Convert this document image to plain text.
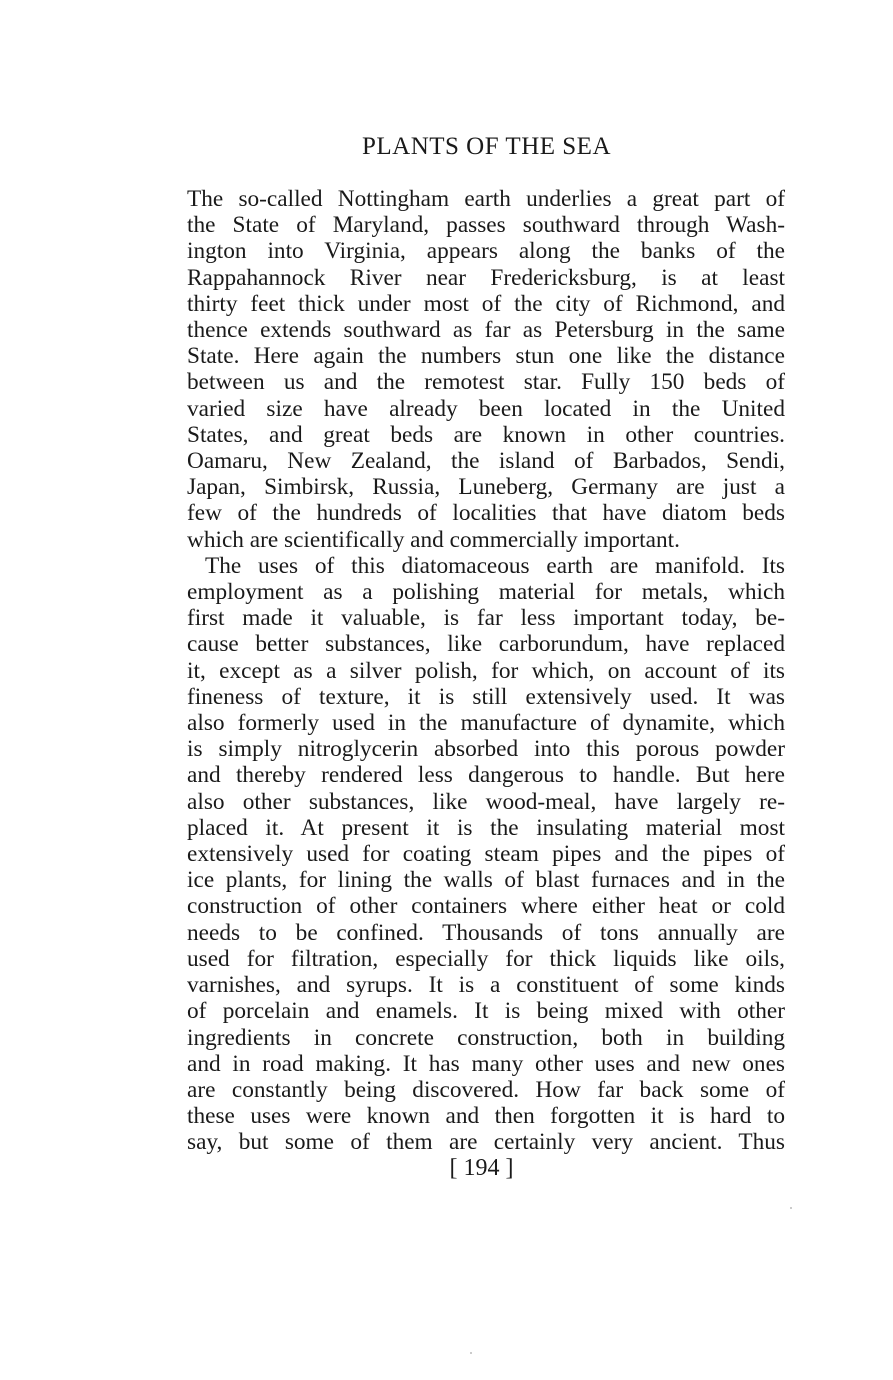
PLANTS OF THE SEA
The so-called Nottingham earth underlies a great part of
the State of Maryland, passes southward through Wash-
ington into Virginia, appears along the banks of the
Rappahannock River near Fredericksburg, is at least
thirty feet thick under most of the city of Richmond, and
thence extends southward as far as Petersburg in the same
State. Here again the numbers stun one like the distance
between us and the remotest star. Fully 150 beds of
varied size have already been located in the United
States, and great beds are known in other countries.
Oamaru, New Zealand, the island of Barbados, Sendi,
Japan, Simbirsk, Russia, Luneberg, Germany are just a
few of the hundreds of localities that have diatom beds
which are scientifically and commercially important.
The uses of this diatomaceous earth are manifold. Its
employment as a polishing material for metals, which
first made it valuable, is far less important today, be-
cause better substances, like carborundum, have replaced
it, except as a silver polish, for which, on account of its
fineness of texture, it is still extensively used. It was
also formerly used in the manufacture of dynamite, which
is simply nitroglycerin absorbed into this porous powder
and thereby rendered less dangerous to handle. But here
also other substances, like wood-meal, have largely re-
placed it. At present it is the insulating material most
extensively used for coating steam pipes and the pipes of
ice plants, for lining the walls of blast furnaces and in the
construction of other containers where either heat or cold
needs to be confined. Thousands of tons annually are
used for filtration, especially for thick liquids like oils,
varnishes, and syrups. It is a constituent of some kinds
of porcelain and enamels. It is being mixed with other
ingredients in concrete construction, both in building
and in road making. It has many other uses and new ones
are constantly being discovered. How far back some of
these uses were known and then forgotten it is hard to
say, but some of them are certainly very ancient. Thus
[ 194 ]
